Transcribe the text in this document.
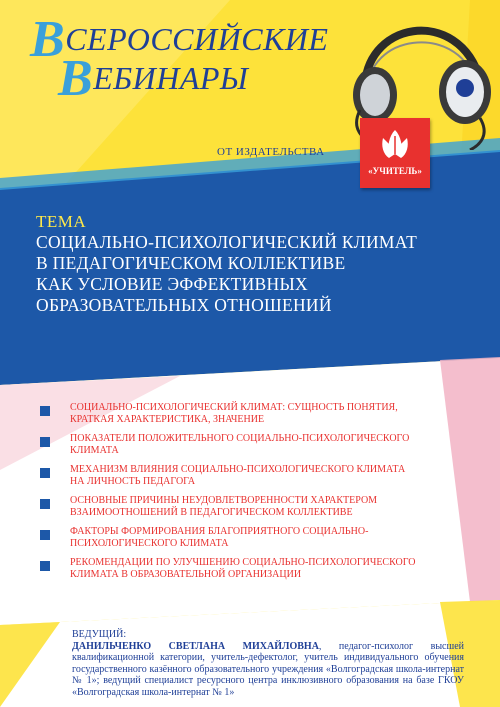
ВСЕРОССИЙСКИЕ
ВЕБИНАРЫ
ОТ ИЗДАТЕЛЬСТВА
«УЧИТЕЛЬ»
ТЕМА
СОЦИАЛЬНО-ПСИХОЛОГИЧЕСКИЙ КЛИМАТ
В ПЕДАГОГИЧЕСКОМ КОЛЛЕКТИВЕ
КАК УСЛОВИЕ ЭФФЕКТИВНЫХ
ОБРАЗОВАТЕЛЬНЫХ ОТНОШЕНИЙ
СОЦИАЛЬНО-ПСИХОЛОГИЧЕСКИЙ КЛИМАТ: СУЩНОСТЬ ПОНЯТИЯ,
КРАТКАЯ ХАРАКТЕРИСТИКА, ЗНАЧЕНИЕ
ПОКАЗАТЕЛИ ПОЛОЖИТЕЛЬНОГО СОЦИАЛЬНО-ПСИХОЛОГИЧЕСКОГО
КЛИМАТА
МЕХАНИЗМ ВЛИЯНИЯ СОЦИАЛЬНО-ПСИХОЛОГИЧЕСКОГО КЛИМАТА
НА ЛИЧНОСТЬ ПЕДАГОГА
ОСНОВНЫЕ ПРИЧИНЫ НЕУДОВЛЕТВОРЕННОСТИ ХАРАКТЕРОМ
ВЗАИМООТНОШЕНИЙ В ПЕДАГОГИЧЕСКОМ КОЛЛЕКТИВЕ
ФАКТОРЫ ФОРМИРОВАНИЯ БЛАГОПРИЯТНОГО СОЦИАЛЬНО-
ПСИХОЛОГИЧЕСКОГО КЛИМАТА
РЕКОМЕНДАЦИИ ПО УЛУЧШЕНИЮ СОЦИАЛЬНО-ПСИХОЛОГИЧЕСКОГО
КЛИМАТА В ОБРАЗОВАТЕЛЬНОЙ ОРГАНИЗАЦИИ
ВЕДУЩИЙ:
ДАНИЛЬЧЕНКО СВЕТЛАНА МИХАЙЛОВНА, педагог-психолог высшей квалификационной категории, учитель-дефектолог, учитель индивидуального обучения государственного казённого образовательного учреждения «Волгоградская школа-интернат № 1»; ведущий специалист ресурсного центра инклюзивного образования на базе ГКОУ «Волгоградская школа-интернат № 1»
